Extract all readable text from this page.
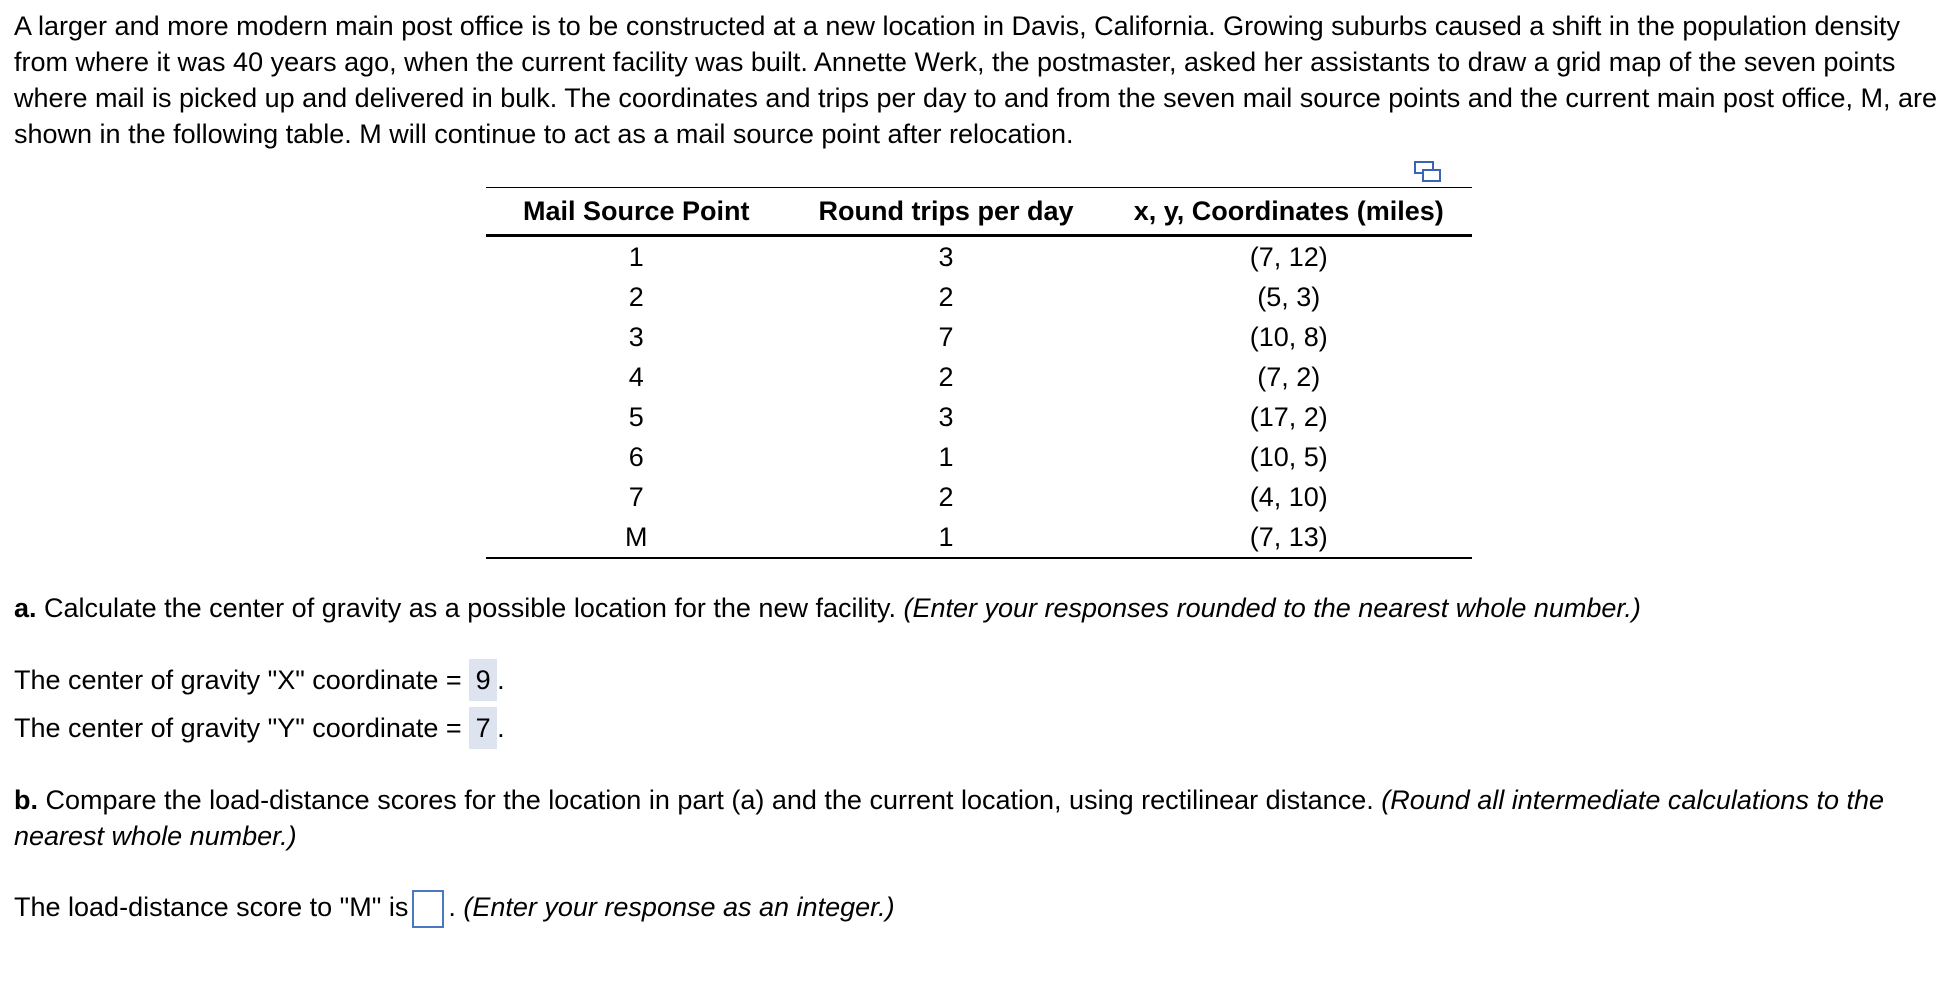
A larger and more modern main post office is to be constructed at a new location in Davis, California. Growing suburbs caused a shift in the population density from where it was 40 years ago, when the current facility was built. Annette Werk, the postmaster, asked her assistants to draw a grid map of the seven points where mail is picked up and delivered in bulk. The coordinates and trips per day to and from the seven mail source points and the current main post office, M, are shown in the following table. M will continue to act as a mail source point after relocation.

Mail Source Point	Round trips per day	x, y, Coordinates (miles)
1	3	(7, 12)
2	2	(5, 3)
3	7	(10, 8)
4	2	(7, 2)
5	3	(17, 2)
6	1	(10, 5)
7	2	(4, 10)
M	1	(7, 13)
a. Calculate the center of gravity as a possible location for the new facility. (Enter your responses rounded to the nearest whole number.)
The center of gravity "X" coordinate = 9 .
The center of gravity "Y" coordinate = 7 .
b. Compare the load-distance scores for the location in part (a) and the current location, using rectilinear distance. (Round all intermediate calculations to the nearest whole number.)
The load-distance score to "M" is . (Enter your response as an integer.)
